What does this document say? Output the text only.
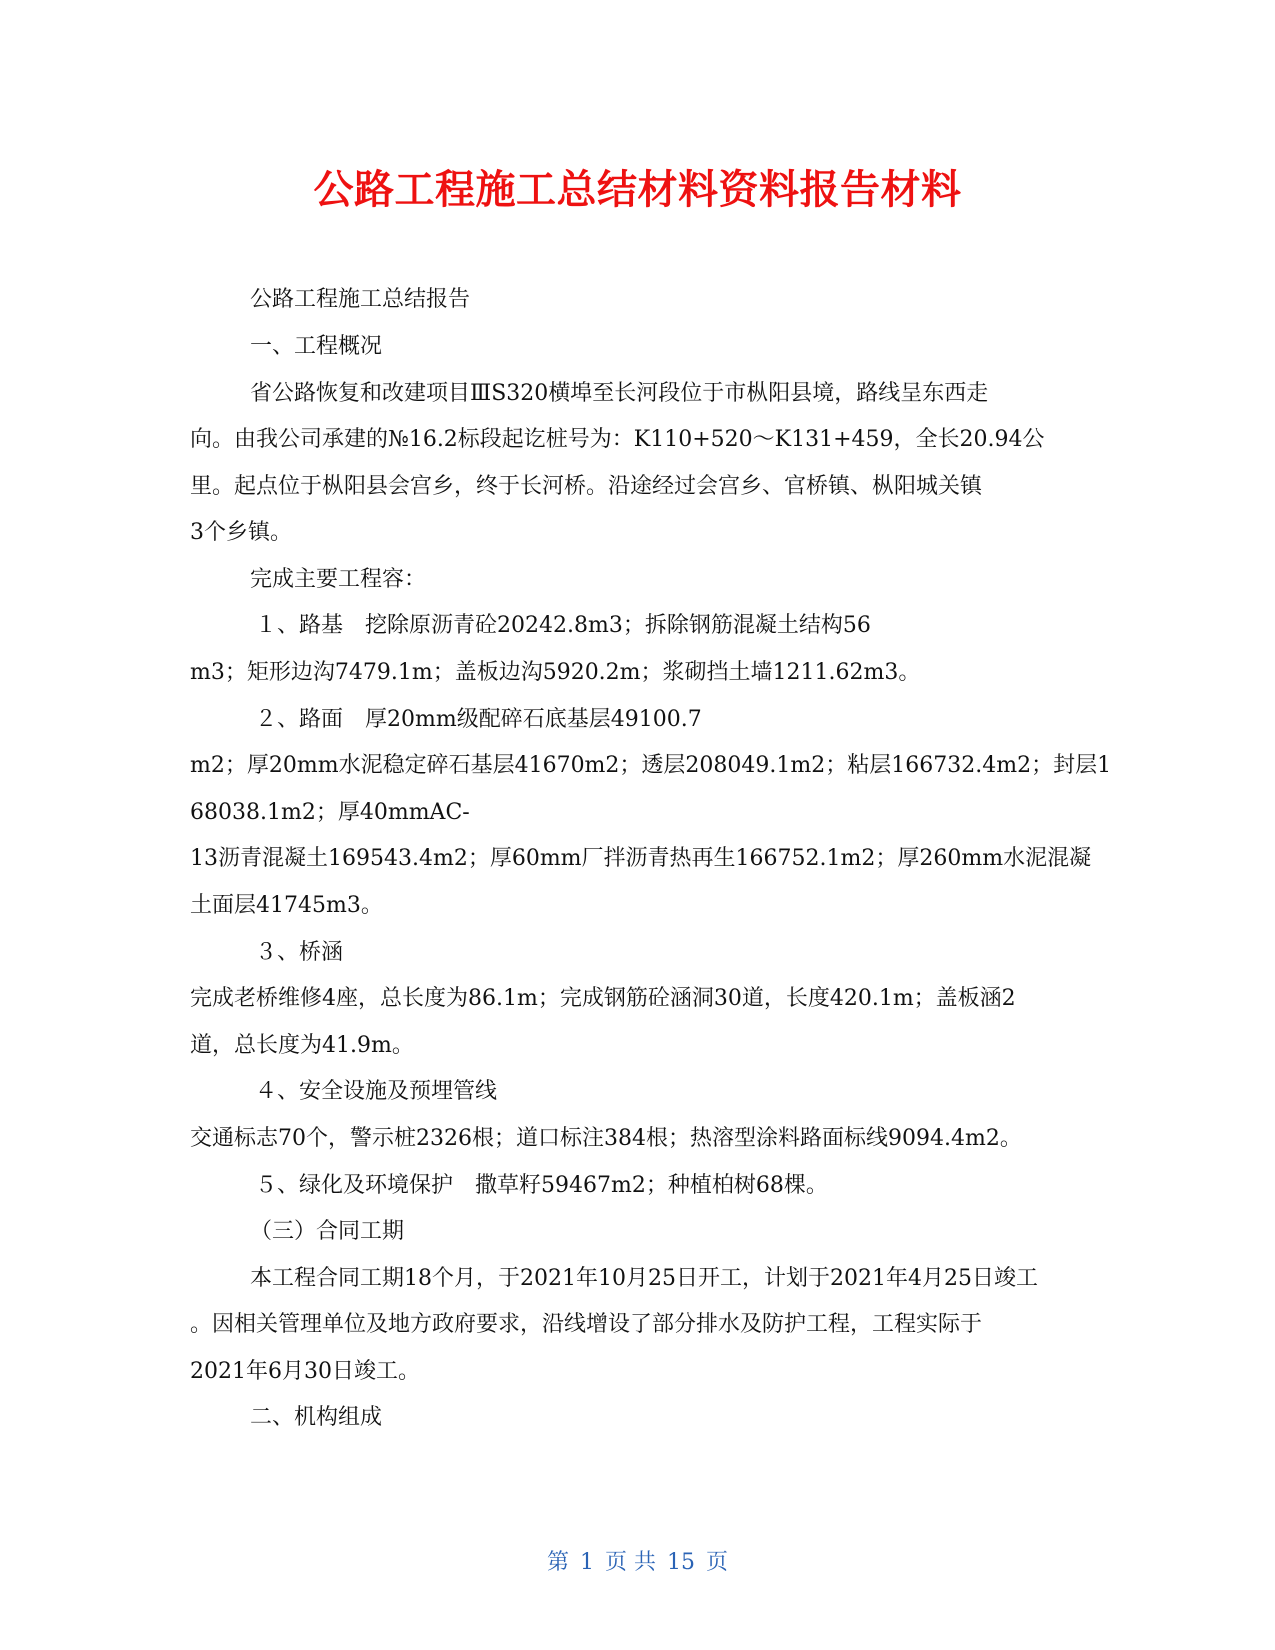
公路工程施工总结材料资料报告材料

公路工程施工总结报告

一、工程概况

省公路恢复和改建项目ⅢS320横埠至长河段位于市枞阳县境，路线呈东西走

向。由我公司承建的№16.2标段起讫桩号为：K110+520～K131+459，全长20.94公

里。起点位于枞阳县会宫乡，终于长河桥。沿途经过会宫乡、官桥镇、枞阳城关镇

3个乡镇。

完成主要工程容：

１、路基　挖除原沥青砼20242.8m3；拆除钢筋混凝土结构56

m3；矩形边沟7479.1m；盖板边沟5920.2m；浆砌挡土墙1211.62m3。

２、路面　厚20mm级配碎石底基层49100.7

m2；厚20mm水泥稳定碎石基层41670m2；透层208049.1m2；粘层166732.4m2；封层1

68038.1m2；厚40mmAC-

13沥青混凝土169543.4m2；厚60mm厂拌沥青热再生166752.1m2；厚260mm水泥混凝

土面层41745m3。

３、桥涵

完成老桥维修4座，总长度为86.1m；完成钢筋砼涵洞30道，长度420.1m；盖板涵2

道，总长度为41.9m。

４、安全设施及预埋管线

交通标志70个，警示桩2326根；道口标注384根；热溶型涂料路面标线9094.4m2。

５、绿化及环境保护　撒草籽59467m2；种植柏树68棵。

（三）合同工期

本工程合同工期18个月，于2021年10月25日开工，计划于2021年4月25日竣工

。因相关管理单位及地方政府要求，沿线增设了部分排水及防护工程，工程实际于

2021年6月30日竣工。

二、机构组成

第 1 页 共 15 页
